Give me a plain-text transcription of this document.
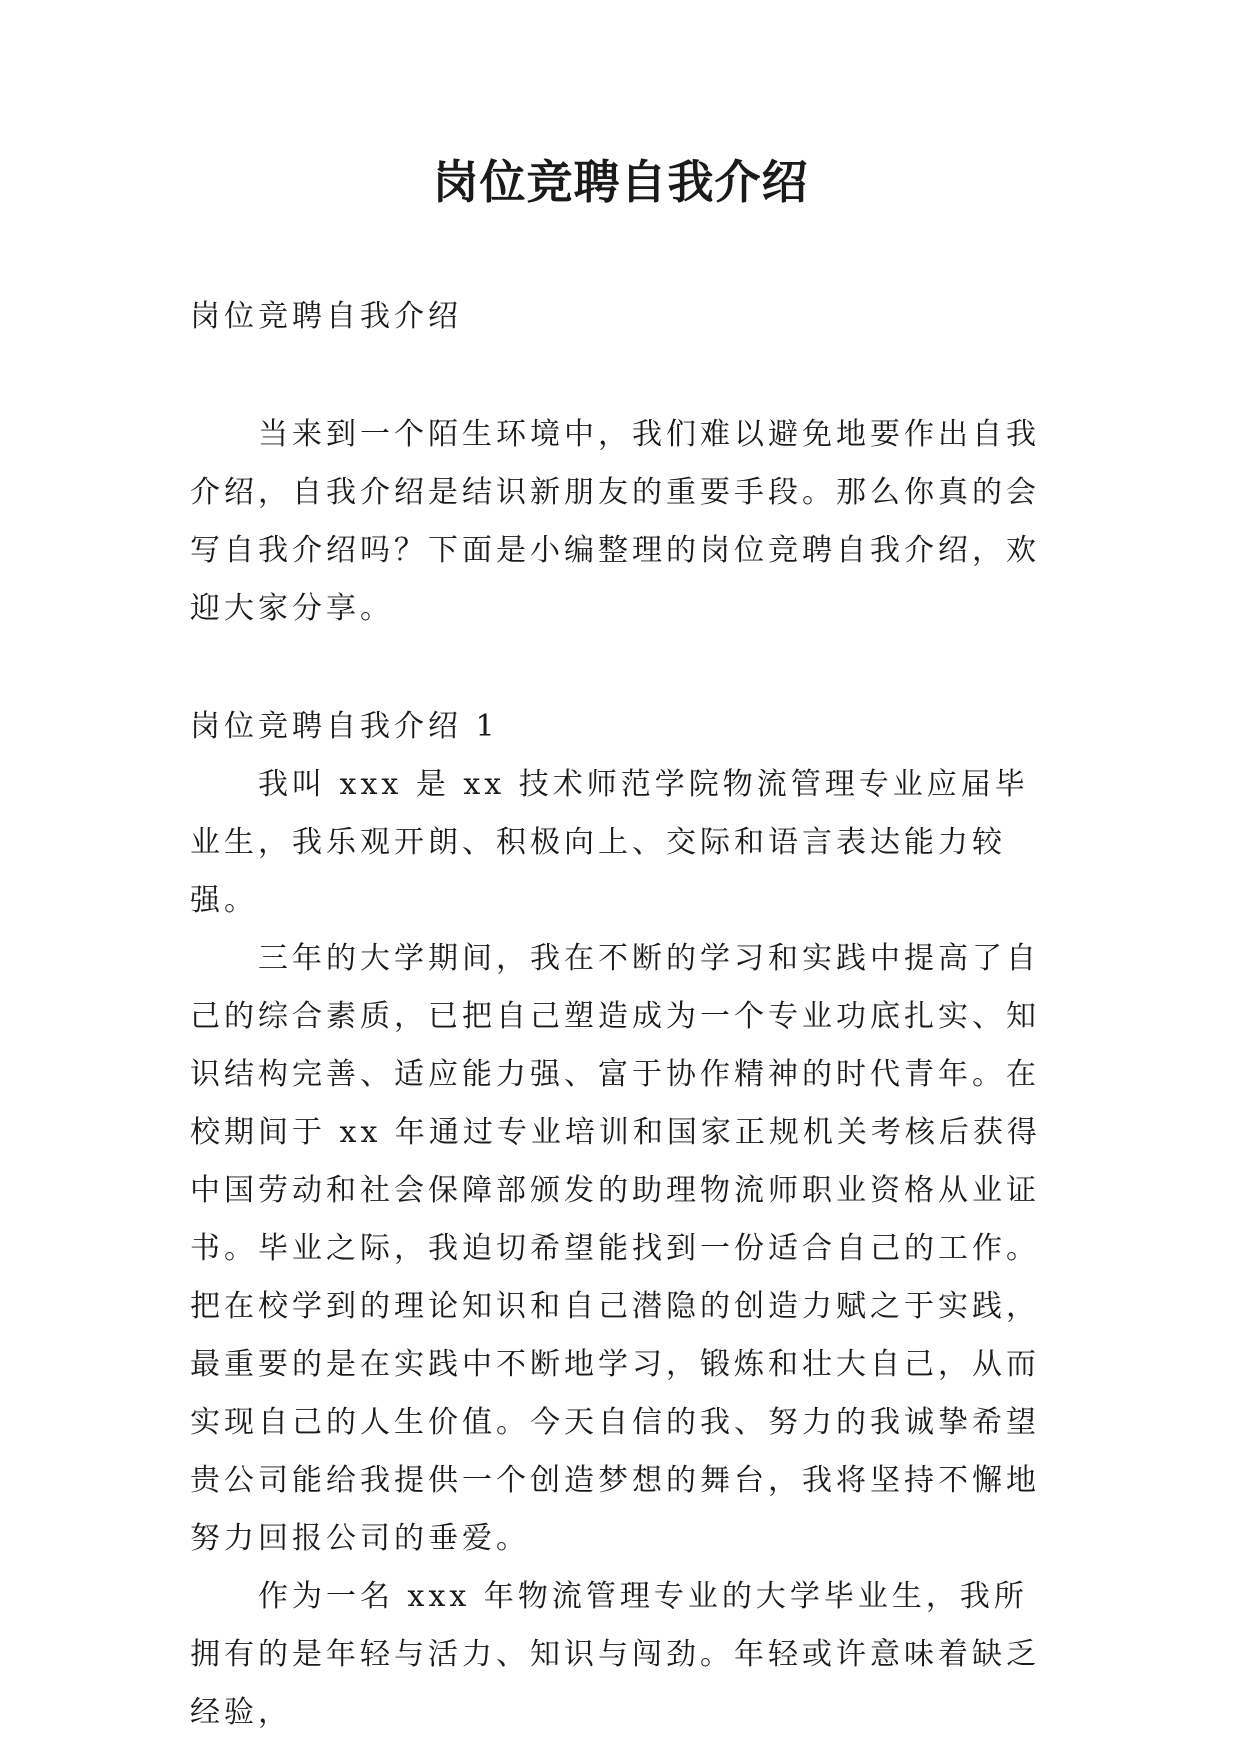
岗位竞聘自我介绍

岗位竞聘自我介绍

当来到一个陌生环境中，我们难以避免地要作出自我介绍，自我介绍是结识新朋友的重要手段。那么你真的会写自我介绍吗？下面是小编整理的岗位竞聘自我介绍，欢迎大家分享。

岗位竞聘自我介绍 1

我叫 xxx 是 xx 技术师范学院物流管理专业应届毕业生，我乐观开朗、积极向上、交际和语言表达能力较强。

三年的大学期间，我在不断的学习和实践中提高了自己的综合素质，已把自己塑造成为一个专业功底扎实、知识结构完善、适应能力强、富于协作精神的时代青年。在校期间于 xx 年通过专业培训和国家正规机关考核后获得中国劳动和社会保障部颁发的助理物流师职业资格从业证书。毕业之际，我迫切希望能找到一份适合自己的工作。把在校学到的理论知识和自己潜隐的创造力赋之于实践，最重要的是在实践中不断地学习，锻炼和壮大自己，从而实现自己的人生价值。今天自信的我、努力的我诚挚希望贵公司能给我提供一个创造梦想的舞台，我将坚持不懈地努力回报公司的垂爱。

作为一名 xxx 年物流管理专业的大学毕业生，我所拥有的是年轻与活力、知识与闯劲。年轻或许意味着缺乏经验，
